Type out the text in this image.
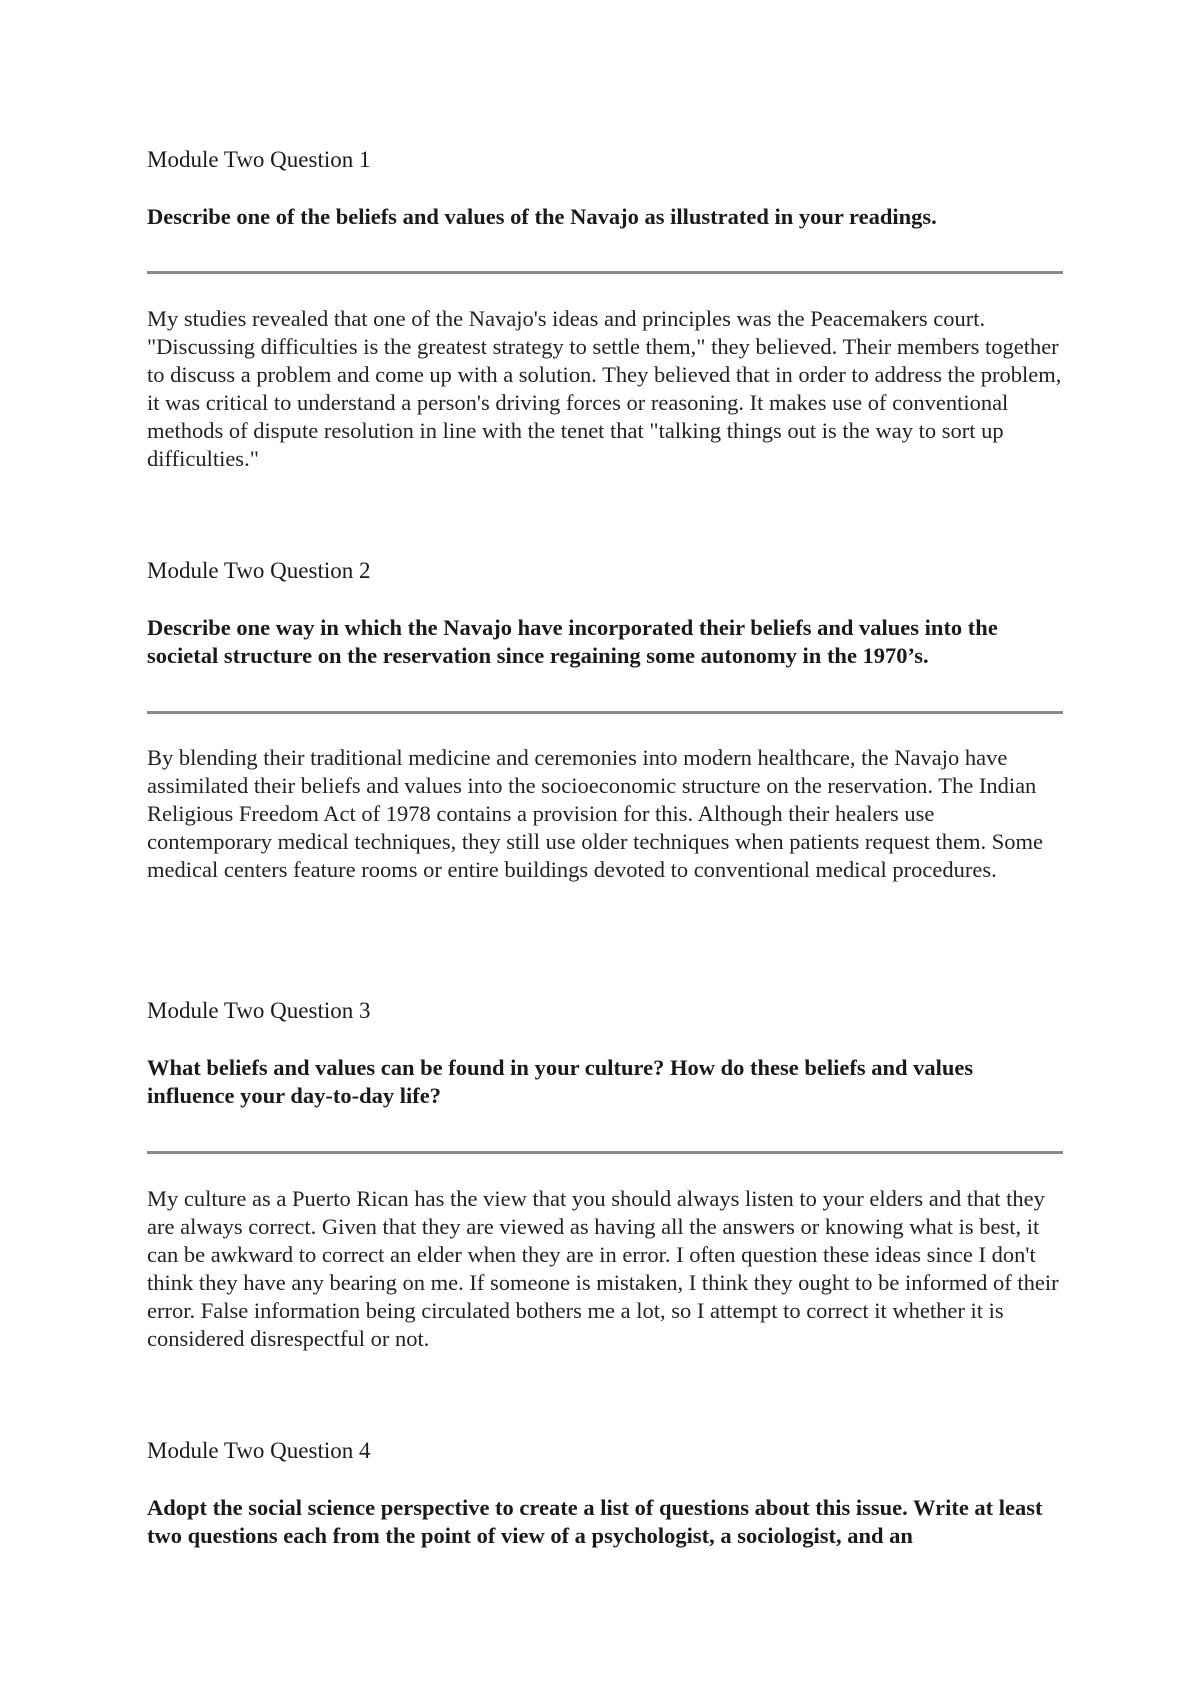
Module Two Question 1

Describe one of the beliefs and values of the Navajo as illustrated in your readings.

My studies revealed that one of the Navajo's ideas and principles was the Peacemakers court. "Discussing difficulties is the greatest strategy to settle them," they believed. Their members together to discuss a problem and come up with a solution. They believed that in order to address the problem, it was critical to understand a person's driving forces or reasoning. It makes use of conventional methods of dispute resolution in line with the tenet that "talking things out is the way to sort up difficulties."

Module Two Question 2

Describe one way in which the Navajo have incorporated their beliefs and values into the societal structure on the reservation since regaining some autonomy in the 1970’s.

By blending their traditional medicine and ceremonies into modern healthcare, the Navajo have assimilated their beliefs and values into the socioeconomic structure on the reservation. The Indian Religious Freedom Act of 1978 contains a provision for this. Although their healers use contemporary medical techniques, they still use older techniques when patients request them. Some medical centers feature rooms or entire buildings devoted to conventional medical procedures.

Module Two Question 3

What beliefs and values can be found in your culture? How do these beliefs and values influence your day-to-day life?

My culture as a Puerto Rican has the view that you should always listen to your elders and that they are always correct. Given that they are viewed as having all the answers or knowing what is best, it can be awkward to correct an elder when they are in error. I often question these ideas since I don't think they have any bearing on me. If someone is mistaken, I think they ought to be informed of their error. False information being circulated bothers me a lot, so I attempt to correct it whether it is considered disrespectful or not.

Module Two Question 4

Adopt the social science perspective to create a list of questions about this issue. Write at least two questions each from the point of view of a psychologist, a sociologist, and an
